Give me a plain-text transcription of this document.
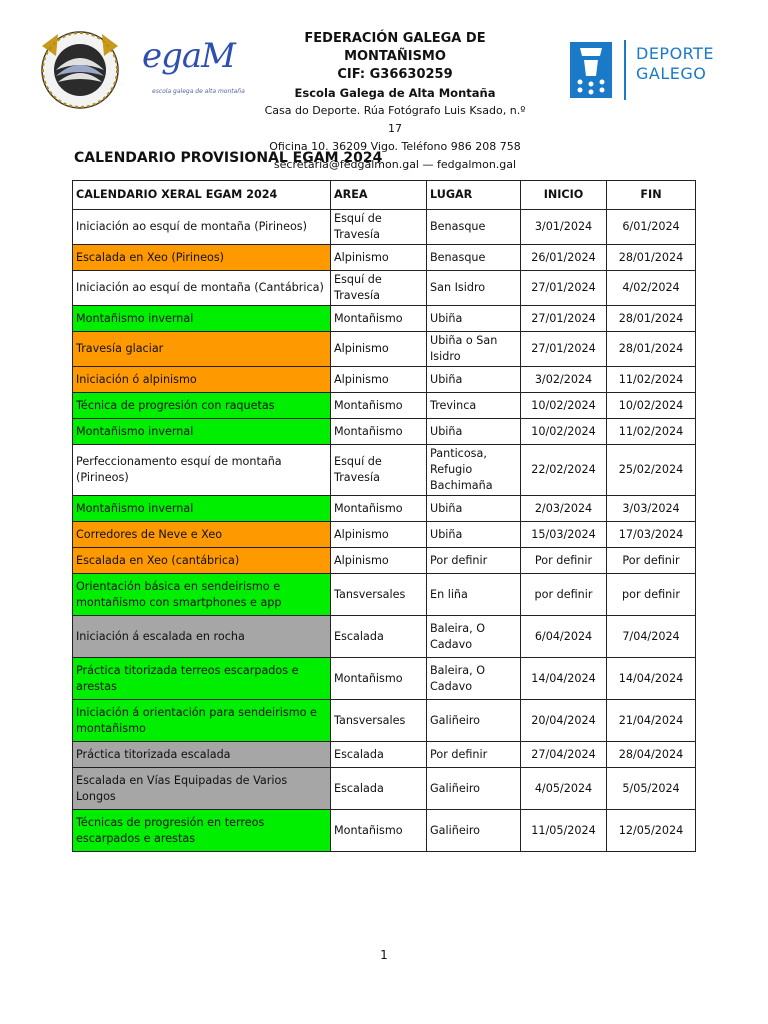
egaM
escola galega de alta montaña
FEDERACIÓN GALEGA DE MONTAÑISMO
CIF: G36630259
Escola Galega de Alta Montaña
Casa do Deporte. Rúa Fotógrafo Luis Ksado, n.º 17
Oficina 10. 36209 Vigo. Teléfono 986 208 758
secretaria@fedgalmon.gal — fedgalmon.gal
DEPORTE
GALEGO
CALENDARIO PROVISIONAL EGAM 2024
CALENDARIO XERAL EGAM 2024	AREA	LUGAR	INICIO	FIN
Iniciación ao esquí de montaña (Pirineos)	Esquí de Travesía	Benasque	3/01/2024	6/01/2024
Escalada en Xeo (Pirineos)	Alpinismo	Benasque	26/01/2024	28/01/2024
Iniciación ao esquí de montaña (Cantábrica)	Esquí de Travesía	San Isidro	27/01/2024	4/02/2024
Montañismo invernal	Montañismo	Ubiña	27/01/2024	28/01/2024
Travesía glaciar	Alpinismo	Ubiña o San Isidro	27/01/2024	28/01/2024
Iniciación ó alpinismo	Alpinismo	Ubiña	3/02/2024	11/02/2024
Técnica de progresión con raquetas	Montañismo	Trevinca	10/02/2024	10/02/2024
Montañismo invernal	Montañismo	Ubiña	10/02/2024	11/02/2024
Perfeccionamento esquí de montaña (Pirineos)	Esquí de Travesía	Panticosa, Refugio Bachimaña	22/02/2024	25/02/2024
Montañismo invernal	Montañismo	Ubiña	2/03/2024	3/03/2024
Corredores de Neve e Xeo	Alpinismo	Ubiña	15/03/2024	17/03/2024
Escalada en Xeo (cantábrica)	Alpinismo	Por definir	Por definir	Por definir
Orientación básica en sendeirismo e montañismo con smartphones e app	Tansversales	En liña	por definir	por definir
Iniciación á escalada en rocha	Escalada	Baleira, O Cadavo	6/04/2024	7/04/2024
Práctica titorizada terreos escarpados e arestas	Montañismo	Baleira, O Cadavo	14/04/2024	14/04/2024
Iniciación á orientación para sendeirismo e montañismo	Tansversales	Galiñeiro	20/04/2024	21/04/2024
Práctica titorizada escalada	Escalada	Por definir	27/04/2024	28/04/2024
Escalada en Vías Equipadas de Varios Longos	Escalada	Galiñeiro	4/05/2024	5/05/2024
Técnicas de progresión en terreos escarpados e arestas	Montañismo	Galiñeiro	11/05/2024	12/05/2024
1
